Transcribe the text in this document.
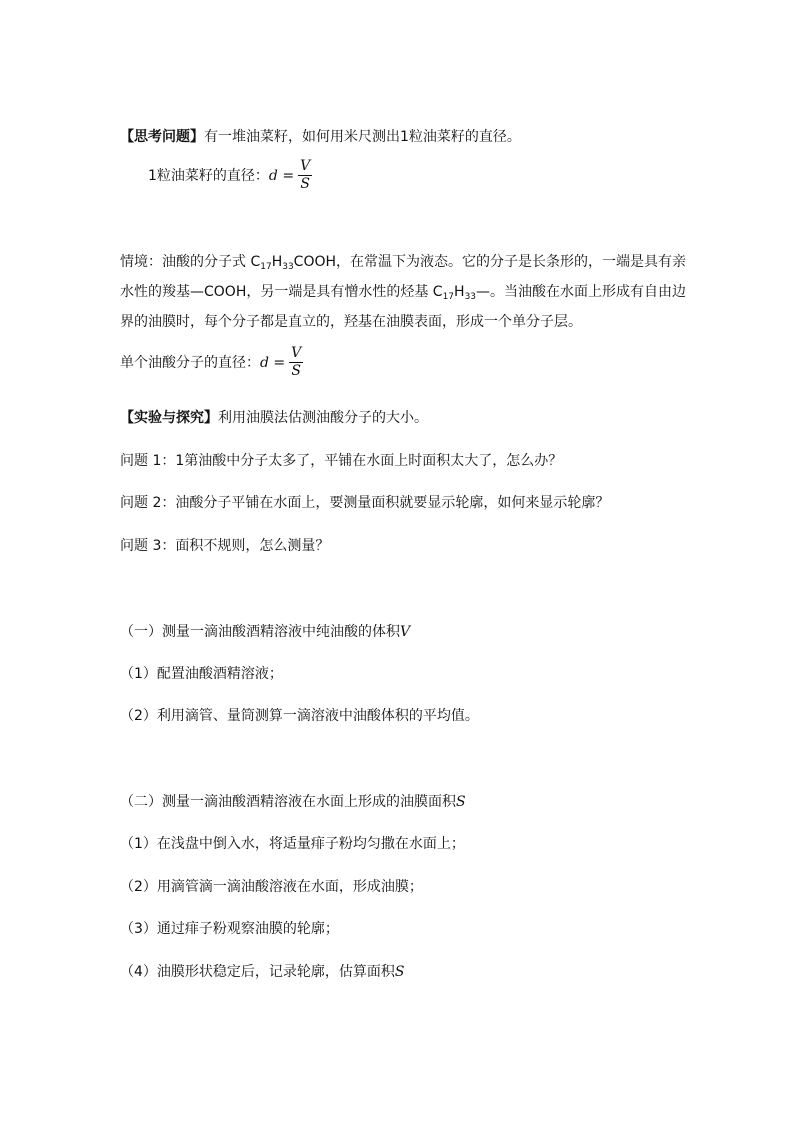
【思考问题】有一堆油菜籽，如何用米尺测出1粒油菜籽的直径。
1粒油菜籽的直径： $d = \frac{V}{S}$
情境：油酸的分子式 $C_{17}H_{33}COOH$，在常温下为液态。它的分子是长条形的，一端是具有亲
水性的羧基—COOH，另一端是具有憎水性的烃基 $C_{17}H_{33}—$。当油酸在水面上形成有自由边
界的油膜时，每个分子都是直立的，羟基在油膜表面，形成一个单分子层。
单个油酸分子的直径： $d = \frac{V}{S}$
【实验与探究】利用油膜法估测油酸分子的大小。
问题 1：1第油酸中分子太多了，平铺在水面上时面积太大了，怎么办？
问题 2：油酸分子平铺在水面上，要测量面积就要显示轮廓，如何来显示轮廓？
问题 3：面积不规则，怎么测量？
（一）测量一滴油酸酒精溶液中纯油酸的体积V
（1）配置油酸酒精溶液；
（2）利用滴管、量筒测算一滴溶液中油酸体积的平均值。
（二）测量一滴油酸酒精溶液在水面上形成的油膜面积S
（1）在浅盘中倒入水，将适量痱子粉均匀撒在水面上；
（2）用滴管滴一滴油酸溶液在水面，形成油膜；
（3）通过痱子粉观察油膜的轮廓；
（4）油膜形状稳定后，记录轮廓，估算面积S
